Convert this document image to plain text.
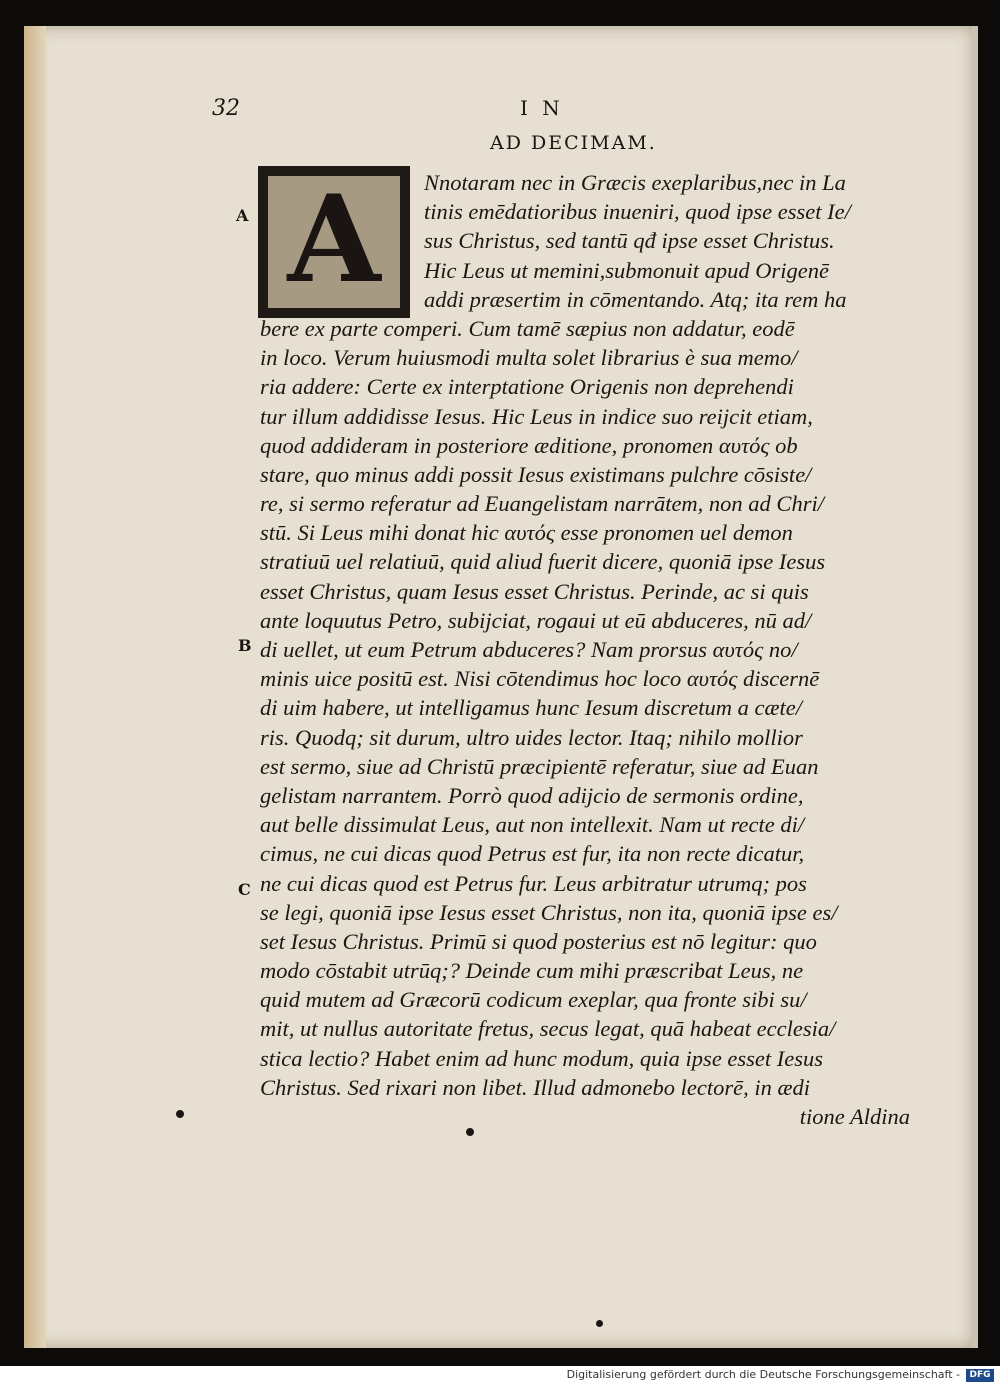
32	I N
AD DECIMAM.
A
B
C
A	Nnotaram nec in Græcis exeplaribus,nec in La
tinis emēdatioribus inueniri, quod ipse esset Ie/
sus Christus, sed tantū qđ ipse esset Christus.
Hic Leus ut memini,submonuit apud Origenē
addi præsertim in cōmentando. Atq; ita rem ha
bere ex parte comperi. Cum tamē sæpius non addatur, eodē
in loco. Verum huiusmodi multa solet librarius è sua memo/
ria addere: Certe ex interptatione Origenis non deprehendi
tur illum addidisse Iesus. Hic Leus in indice suo reijcit etiam,
quod addideram in posteriore æditione, pronomen αυτός ob
stare, quo minus addi possit Iesus existimans pulchre cōsiste/
re, si sermo referatur ad Euangelistam narrātem, non ad Chri/
stū. Si Leus mihi donat hic αυτός esse pronomen uel demon
stratiuū uel relatiuū, quid aliud fuerit dicere, quoniā ipse Iesus
esset Christus, quam Iesus esset Christus. Perinde, ac si quis
ante loquutus Petro, subijciat, rogaui ut eū abduceres, nū ad/
di uellet, ut eum Petrum abduceres? Nam prorsus αυτός no/
minis uice positū est. Nisi cōtendimus hoc loco αυτός discernē
di uim habere, ut intelligamus hunc Iesum discretum a cæte/
ris. Quodq; sit durum, ultro uides lector. Itaq; nihilo mollior
est sermo, siue ad Christū præcipientē referatur, siue ad Euan
gelistam narrantem. Porrò quod adijcio de sermonis ordine,
aut belle dissimulat Leus, aut non intellexit. Nam ut recte di/
cimus, ne cui dicas quod Petrus est fur, ita non recte dicatur,
ne cui dicas quod est Petrus fur. Leus arbitratur utrumq; pos
se legi, quoniā ipse Iesus esset Christus, non ita, quoniā ipse es/
set Iesus Christus. Primū si quod posterius est nō legitur: quo
modo cōstabit utrūq;? Deinde cum mihi præscribat Leus, ne
quid mutem ad Græcorū codicum exeplar, qua fronte sibi su/
mit, ut nullus autoritate fretus, secus legat, quā habeat ecclesia/
stica lectio? Habet enim ad hunc modum, quia ipse esset Iesus
Christus. Sed rixari non libet. Illud admonebo lectorē, in ædi
tione Aldina
Digitalisierung gefördert durch die Deutsche Forschungsgemeinschaft -	DFG
